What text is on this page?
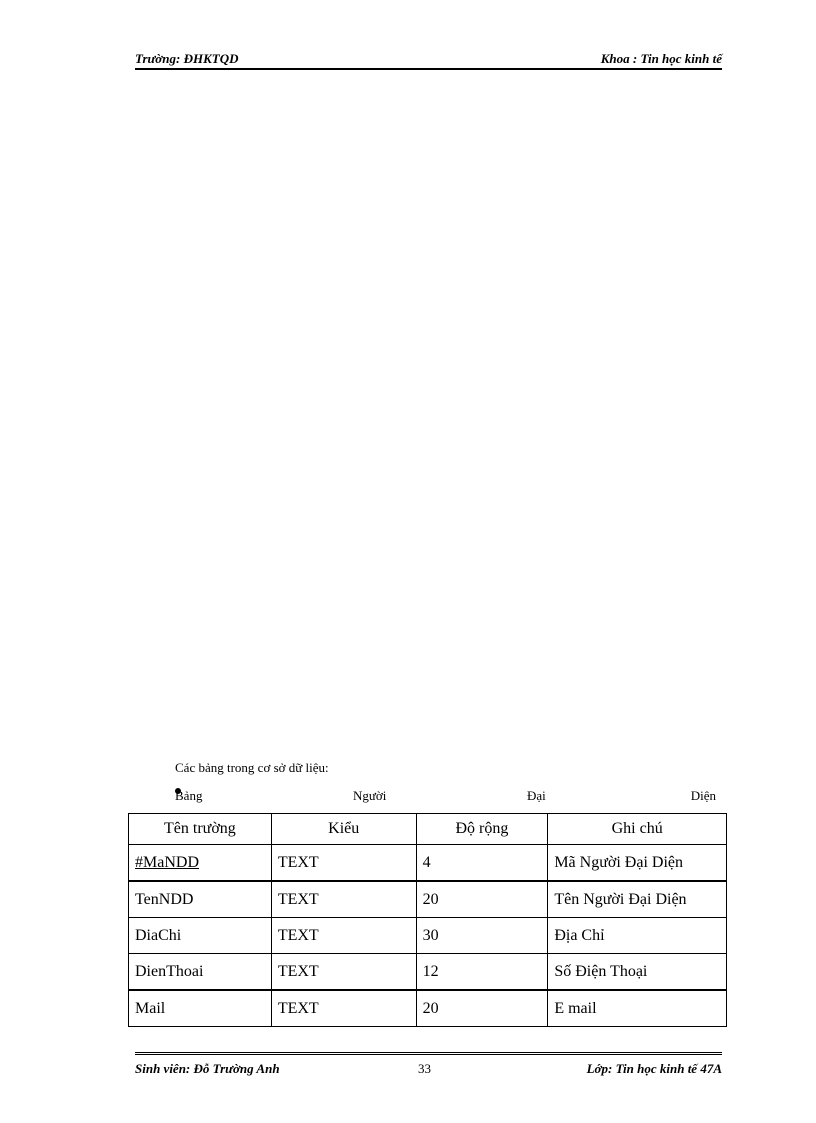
Trường: ĐHKTQD	Khoa : Tin học kinh tế
Các bảng trong cơ sở dữ liệu:
Bảng	Người	Đại	Diện
Tên trường	Kiểu	Độ rộng	Ghi chú
#MaNDD	TEXT	4	Mã Người Đại Diện
TenNDD	TEXT	20	Tên Người Đại Diện
DiaChi	TEXT	30	Địa Chỉ
DienThoai	TEXT	12	Số Điện Thoại
Mail	TEXT	20	E mail
Sinh viên: Đỗ Trường Anh	33	Lớp: Tin học kinh tế 47A
